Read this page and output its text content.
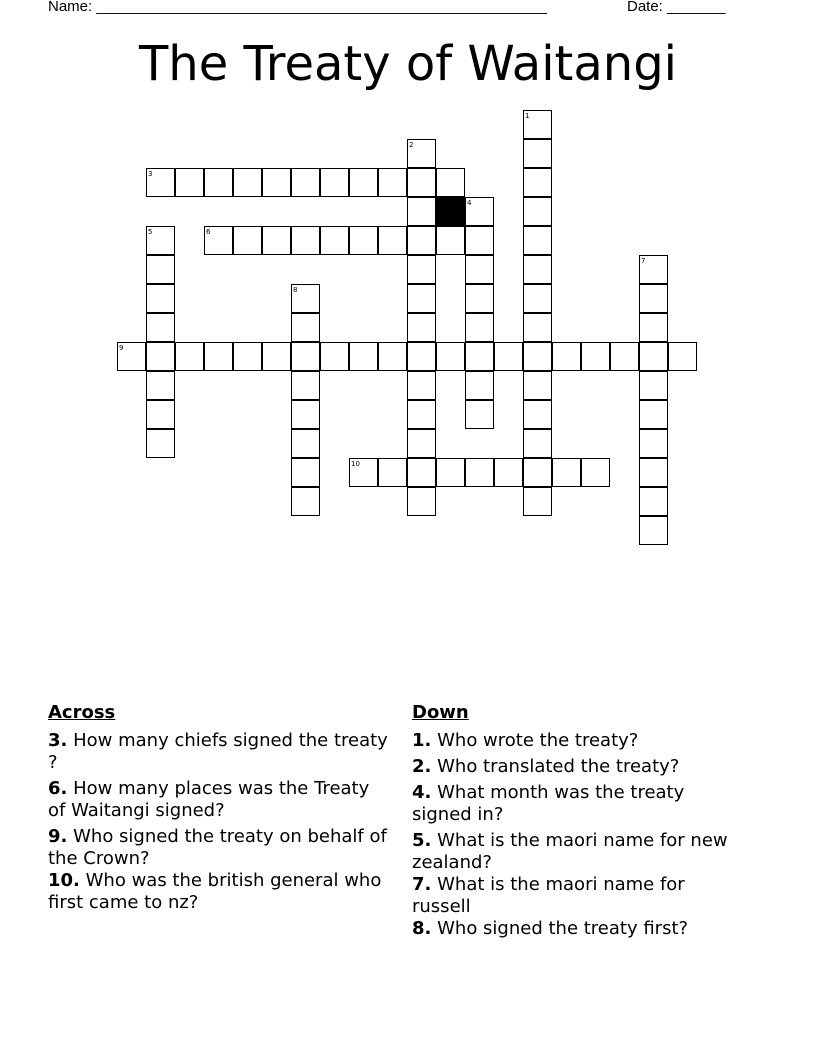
Name: ______________________________________________________	Date: _______
The Treaty of Waitangi
1
2
3
4
5	6
7
8
9
10
Across
3. How many chiefs signed the treaty ?
6. How many places was the Treaty of Waitangi signed?
9. Who signed the treaty on behalf of the Crown?
10. Who was the british general who first came to nz?
Down
1. Who wrote the treaty?
2. Who translated the treaty?
4. What month was the treaty signed in?
5. What is the maori name for new zealand?
7. What is the maori name for russell
8. Who signed the treaty first?
